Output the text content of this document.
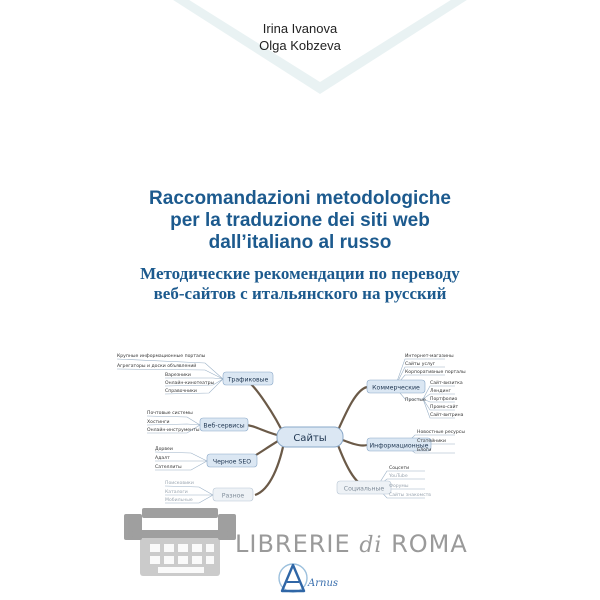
Irina Ivanova
Olga Kobzeva
Raccomandazioni metodologiche
per la traduzione dei siti web
dall’italiano al russo
Методические рекомендации по переводу
веб-сайтов с итальянского на русский
Сайты
Трафиковые
Веб-сервисы
Черное SEO
Разное
Коммерческие
Информационные
Социальные
Крупные информационные порталы
Агрегаторы и доски объявлений
Варезники
Онлайн-кинотеатры
Справочники
Почтовые системы
Хостинги
Онлайн-инструменты
Дорвеи
Адалт
Сателлиты
Поисковики
Каталоги
Мобильные
Интернет-магазины
Сайты услуг
Корпоративные порталы
Простые
Сайт-визитка
Лендинг
Портфолио
Промо-сайт
Сайт-витрина
Новостные ресурсы
Статейники
Блоги
Соцсети
YouTube
Форумы
Сайты знакомств
LIBRERIE di ROMA
Arnus
